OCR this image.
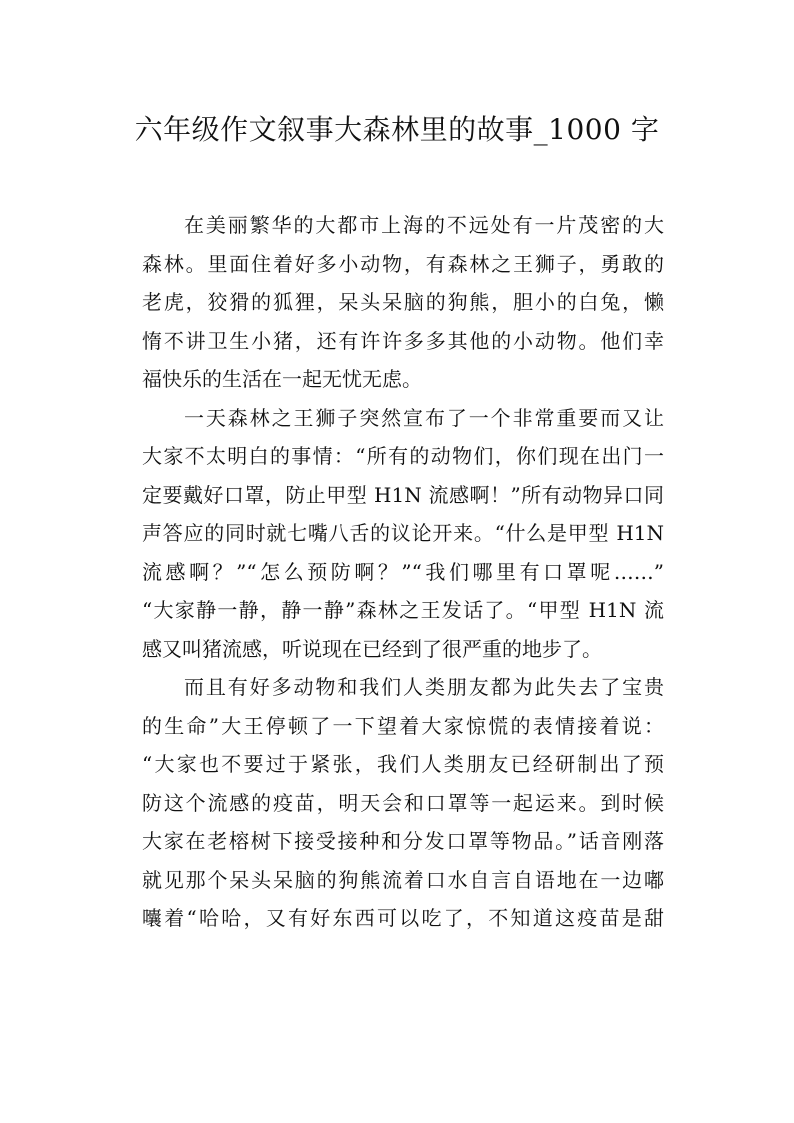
六年级作文叙事大森林里的故事_1000 字
在美丽繁华的大都市上海的不远处有一片茂密的大
森林。里面住着好多小动物，有森林之王狮子，勇敢的
老虎，狡猾的狐狸，呆头呆脑的狗熊，胆小的白兔，懒
惰不讲卫生小猪，还有许许多多其他的小动物。他们幸
福快乐的生活在一起无忧无虑。
一天森林之王狮子突然宣布了一个非常重要而又让
大家不太明白的事情：“所有的动物们，你们现在出门一
定要戴好口罩，防止甲型 H1N 流感啊！”所有动物异口同
声答应的同时就七嘴八舌的议论开来。“什么是甲型 H1N
流感啊？”“怎么预防啊？”“我们哪里有口罩呢……”
“大家静一静，静一静”森林之王发话了。“甲型 H1N 流
感又叫猪流感，听说现在已经到了很严重的地步了。
而且有好多动物和我们人类朋友都为此失去了宝贵
的生命”大王停顿了一下望着大家惊慌的表情接着说：
“大家也不要过于紧张，我们人类朋友已经研制出了预
防这个流感的疫苗，明天会和口罩等一起运来。到时候
大家在老榕树下接受接种和分发口罩等物品。”话音刚落
就见那个呆头呆脑的狗熊流着口水自言自语地在一边嘟
囔着“哈哈，又有好东西可以吃了，不知道这疫苗是甜
